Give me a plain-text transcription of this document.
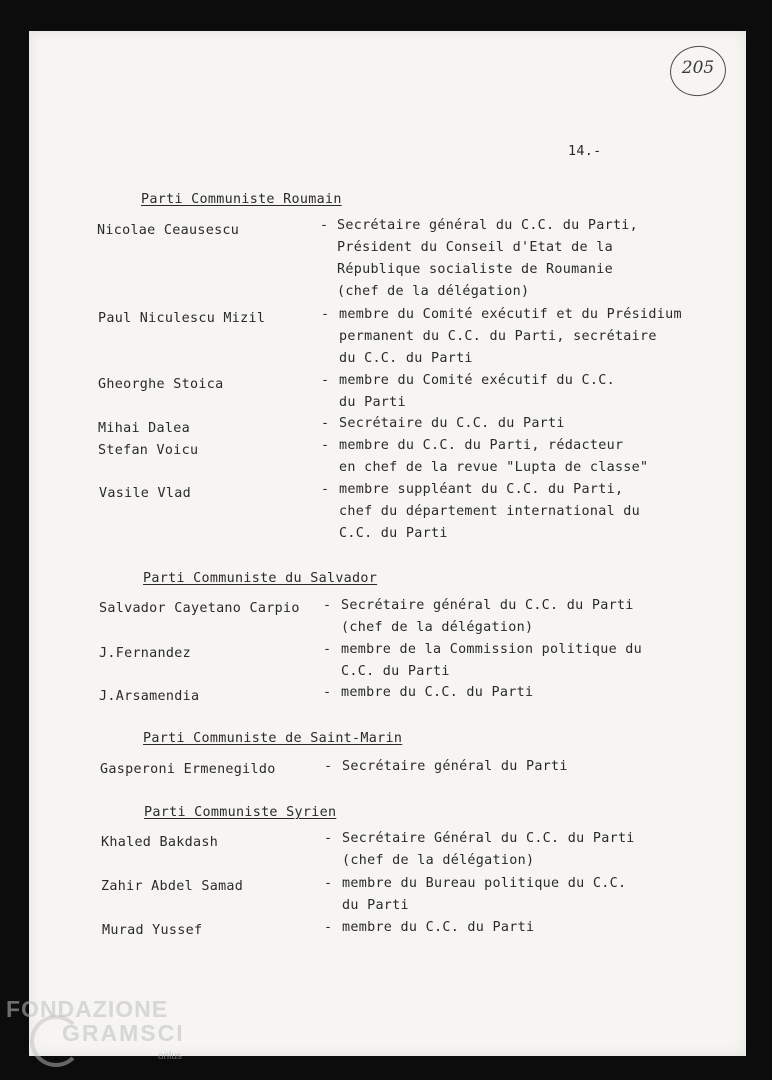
205

14.-

Parti Communiste Roumain

Nicolae Ceausescu	- Secrétaire général du C.C. du Parti,

Président du Conseil d'Etat de la

République socialiste de Roumanie

(chef de la délégation)

Paul Niculescu Mizil	- membre du Comité exécutif et du Présidium

permanent du C.C. du Parti, secrétaire

du C.C. du Parti

Gheorghe Stoica	- membre du Comité exécutif du C.C.

du Parti

Mihai Dalea	- Secrétaire du C.C. du Parti

Stefan Voicu	- membre du C.C. du Parti, rédacteur

en chef de la revue "Lupta de classe"

Vasile Vlad	- membre suppléant du C.C. du Parti,

chef du département international du

C.C. du Parti

Parti Communiste du Salvador

Salvador Cayetano Carpio - Secrétaire général du C.C. du Parti

(chef de la délégation)

J.Fernandez	- membre de la Commission politique du

C.C. du Parti

J.Arsamendia	- membre du C.C. du Parti

Parti Communiste de Saint-Marin

Gasperoni Ermenegildo	- Secrétaire général du Parti

Parti Communiste Syrien

Khaled Bakdash	- Secrétaire Général du C.C. du Parti

(chef de la délégation)

Zahir Abdel Samad	- membre du Bureau politique du C.C.

du Parti

Murad Yussef	- membre du C.C. du Parti

FONDAZIONE
GRAMSCI
onlus
